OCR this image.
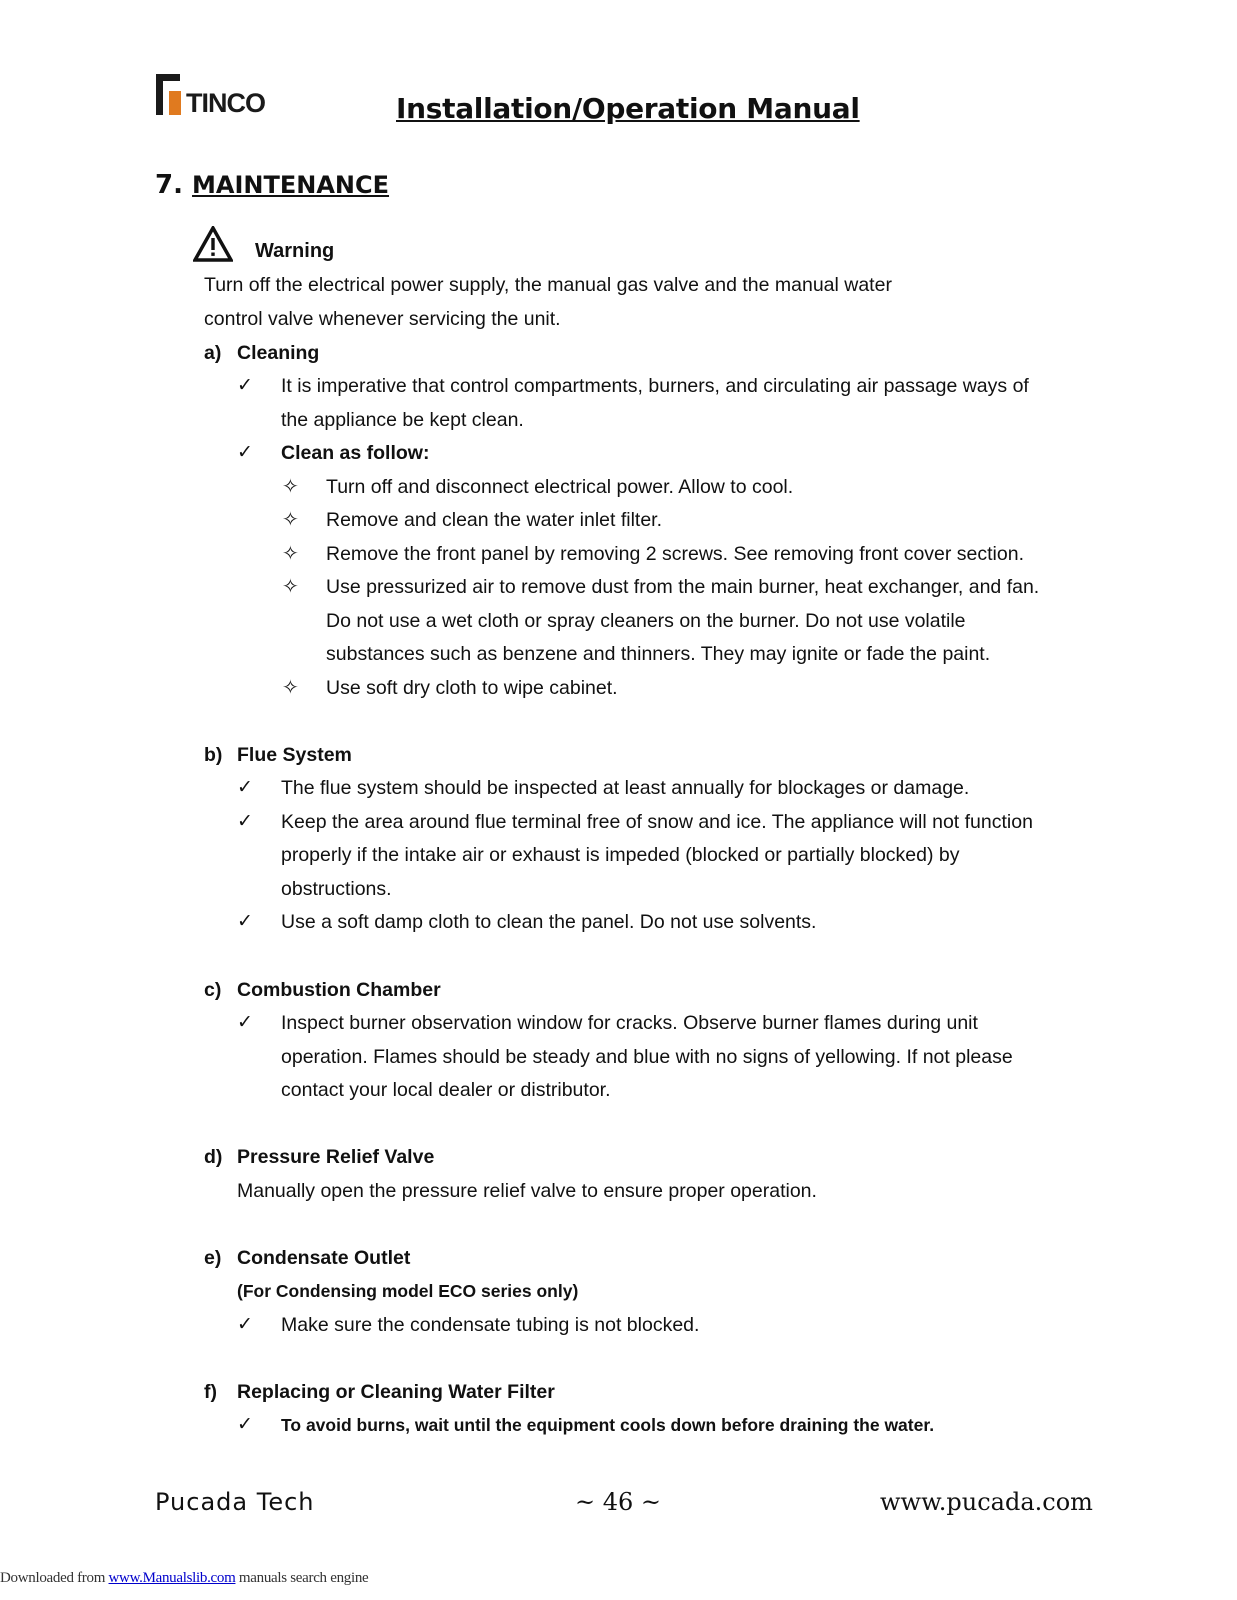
TINCO	Installation/Operation Manual
7. MAINTENANCE
Warning
Turn off the electrical power supply, the manual gas valve and the manual water
control valve whenever servicing the unit.
a) Cleaning
✓ It is imperative that control compartments, burners, and circulating air passage ways of
the appliance be kept clean.
✓ Clean as follow:
✧ Turn off and disconnect electrical power. Allow to cool.
✧ Remove and clean the water inlet filter.
✧ Remove the front panel by removing 2 screws. See removing front cover section.
✧ Use pressurized air to remove dust from the main burner, heat exchanger, and fan.
Do not use a wet cloth or spray cleaners on the burner. Do not use volatile
substances such as benzene and thinners. They may ignite or fade the paint.
✧ Use soft dry cloth to wipe cabinet.
b) Flue System
✓ The flue system should be inspected at least annually for blockages or damage.
✓ Keep the area around flue terminal free of snow and ice. The appliance will not function
properly if the intake air or exhaust is impeded (blocked or partially blocked) by
obstructions.
✓ Use a soft damp cloth to clean the panel. Do not use solvents.
c) Combustion Chamber
✓ Inspect burner observation window for cracks. Observe burner flames during unit
operation. Flames should be steady and blue with no signs of yellowing. If not please
contact your local dealer or distributor.
d) Pressure Relief Valve
Manually open the pressure relief valve to ensure proper operation.
e) Condensate Outlet
(For Condensing model ECO series only)
✓ Make sure the condensate tubing is not blocked.
f) Replacing or Cleaning Water Filter
✓ To avoid burns, wait until the equipment cools down before draining the water.
Pucada Tech	~ 46 ~	www.pucada.com
Downloaded from www.Manualslib.com manuals search engine
